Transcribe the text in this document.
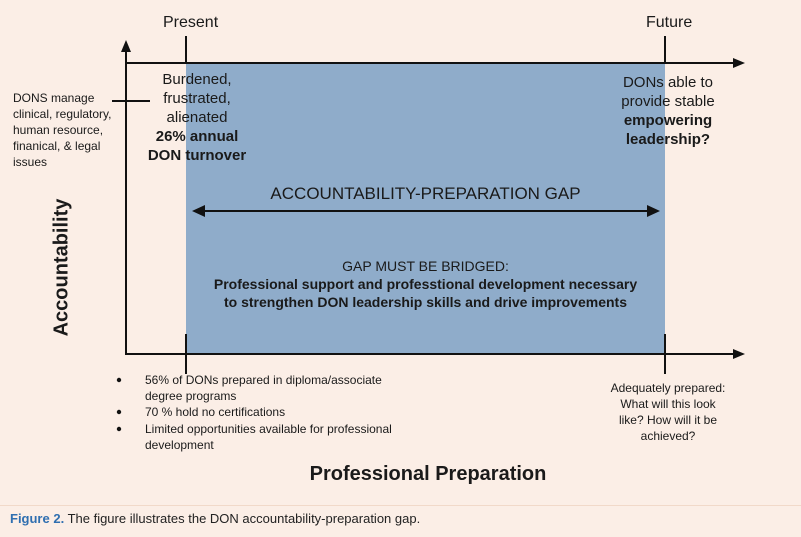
Present	Future
Accountability
DONS manage
clinical, regulatory,
human resource,
finanical, & legal
issues
Burdened,
frustrated,
alienated
26% annual
DON turnover
DONs able to
provide stable
empowering
leadership?
ACCOUNTABILITY-PREPARATION GAP
GAP MUST BE BRIDGED:
Professional support and professtional development necessary
to strengthen DON leadership skills and drive improvements
56% of DONs prepared in diploma/associate
degree programs
70 % hold no certifications
Limited opportunities available for professional
development
Adequately prepared:
What will this look
like? How will it be
achieved?
Professional Preparation
Figure 2. The figure illustrates the DON accountability-preparation gap.
